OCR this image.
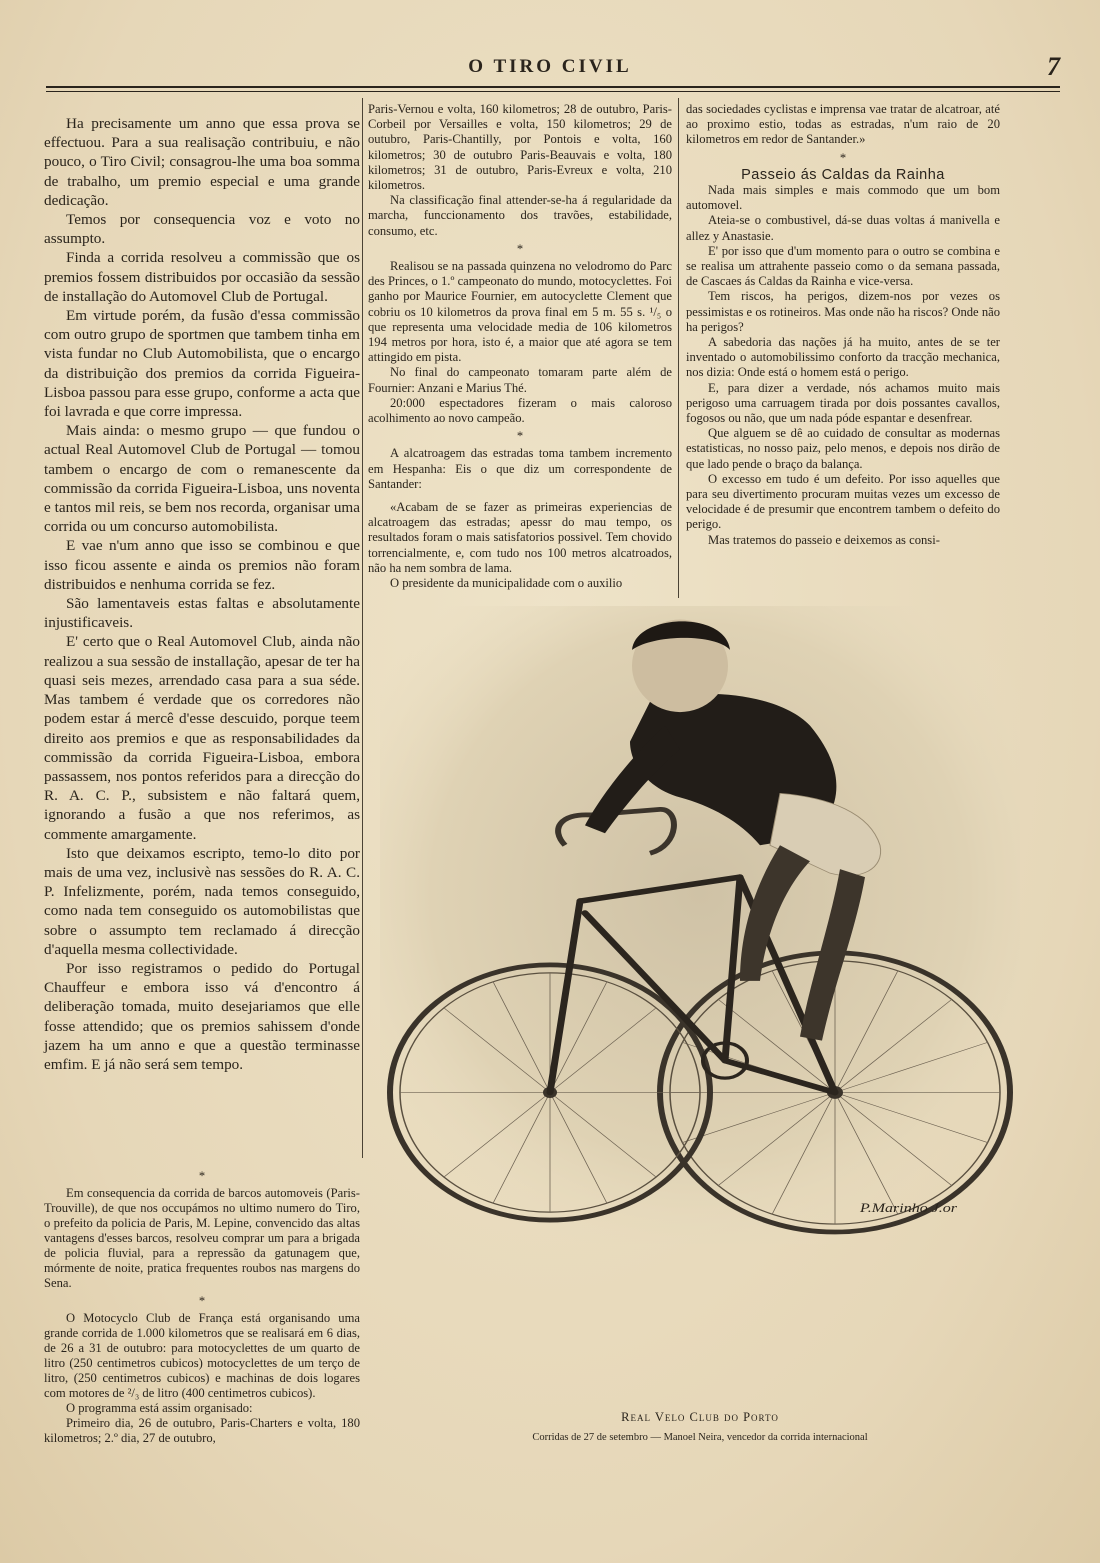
O TIRO CIVIL	7

Ha precisamente um anno que essa prova se effectuou. Para a sua realisação contribuiu, e não pouco, o Tiro Civil; consagrou-lhe uma boa somma de trabalho, um premio especial e uma grande dedicação.

Temos por consequencia voz e voto no assumpto.

Finda a corrida resolveu a commissão que os premios fossem distribuidos por occasião da sessão de installação do Automovel Club de Portugal.

Em virtude porém, da fusão d'essa commissão com outro grupo de sportmen que tambem tinha em vista fundar no Club Automobilista, que o encargo da distribuição dos premios da corrida Figueira-Lisboa passou para esse grupo, conforme a acta que foi lavrada e que corre impressa.

Mais ainda: o mesmo grupo — que fundou o actual Real Automovel Club de Portugal — tomou tambem o encargo de com o remanescente da commissão da corrida Figueira-Lisboa, uns noventa e tantos mil reis, se bem nos recorda, organisar uma corrida ou um concurso automobilista.

E vae n'um anno que isso se combinou e que isso ficou assente e ainda os premios não foram distribuidos e nenhuma corrida se fez.

São lamentaveis estas faltas e absolutamente injustificaveis.

E' certo que o Real Automovel Club, ainda não realizou a sua sessão de installação, apesar de ter ha quasi seis mezes, arrendado casa para a sua séde. Mas tambem é verdade que os corredores não podem estar á mercê d'esse descuido, porque teem direito aos premios e que as responsabilidades da commissão da corrida Figueira-Lisboa, embora passassem, nos pontos referidos para a direcção do R. A. C. P., subsistem e não faltará quem, ignorando a fusão a que nos referimos, as commente amargamente.

Isto que deixamos escripto, temo-lo dito por mais de uma vez, inclusivè nas sessões do R. A. C. P. Infelizmente, porém, nada temos conseguido, como nada tem conseguido os automobilistas que sobre o assumpto tem reclamado á direcção d'aquella mesma collectividade.

Por isso registramos o pedido do Portugal Chauffeur e embora isso vá d'encontro á deliberação tomada, muito desejariamos que elle fosse attendido; que os premios sahissem d'onde jazem ha um anno e que a questão terminasse emfim. E já não será sem tempo.

*

Em consequencia da corrida de barcos automoveis (Paris-Trouville), de que nos occupámos no ultimo numero do Tiro, o prefeito da policia de Paris, M. Lepine, convencido das altas vantagens d'esses barcos, resolveu comprar um para a brigada de policia fluvial, para a repressão da gatunagem que, mórmente de noite, pratica frequentes roubos nas margens do Sena.

*

O Motocyclo Club de França está organisando uma grande corrida de 1.000 kilometros que se realisará em 6 dias, de 26 a 31 de outubro: para motocyclettes de um quarto de litro (250 centimetros cubicos) motocyclettes de um terço de litro, (250 centimetros cubicos) e machinas de dois logares com motores de ²/₃ de litro (400 centimetros cubicos).

O programma está assim organisado:

Primeiro dia, 26 de outubro, Paris-Charters e volta, 180 kilometros; 2.º dia, 27 de outubro,

Paris-Vernou e volta, 160 kilometros; 28 de outubro, Paris-Corbeil por Versailles e volta, 150 kilometros; 29 de outubro, Paris-Chantilly, por Pontois e volta, 160 kilometros; 30 de outubro Paris-Beauvais e volta, 180 kilometros; 31 de outubro, Paris-Evreux e volta, 210 kilometros.

Na classificação final attender-se-ha á regularidade da marcha, funccionamento dos travões, estabilidade, consumo, etc.

*

Realisou se na passada quinzena no velodromo do Parc des Princes, o 1.º campeonato do mundo, motocyclettes. Foi ganho por Maurice Fournier, em autocyclette Clement que cobriu os 10 kilometros da prova final em 5 m. 55 s. ¹/₅ o que representa uma velocidade media de 106 kilometros 194 metros por hora, isto é, a maior que até agora se tem attingido em pista.

No final do campeonato tomaram parte além de Fournier: Anzani e Marius Thé.

20:000 espectadores fizeram o mais caloroso acolhimento ao novo campeão.

*

A alcatroagem das estradas toma tambem incremento em Hespanha: Eis o que diz um correspondente de Santander:

«Acabam de se fazer as primeiras experiencias de alcatroagem das estradas; apessr do mau tempo, os resultados foram o mais satisfatorios possivel. Tem chovido torrencialmente, e, com tudo nos 100 metros alcatroados, não ha nem sombra de lama.

O presidente da municipalidade com o auxilio

das sociedades cyclistas e imprensa vae tratar de alcatroar, até ao proximo estio, todas as estradas, n'um raio de 20 kilometros em redor de Santander.»

*

Passeio ás Caldas da Rainha

Nada mais simples e mais commodo que um bom automovel.

Ateia-se o combustivel, dá-se duas voltas á manivella e allez y Anastasie.

E' por isso que d'um momento para o outro se combina e se realisa um attrahente passeio como o da semana passada, de Cascaes ás Caldas da Rainha e vice-versa.

Tem riscos, ha perigos, dizem-nos por vezes os pessimistas e os rotineiros. Mas onde não ha riscos? Onde não ha perigos?

A sabedoria das nações já ha muito, antes de se ter inventado o automobilissimo conforto da tracção mechanica, nos dizia: Onde está o homem está o perigo.

E, para dizer a verdade, nós achamos muito mais perigoso uma carruagem tirada por dois possantes cavallos, fogosos ou não, que um nada póde espantar e desenfrear.

Que alguem se dê ao cuidado de consultar as modernas estatisticas, no nosso paiz, pelo menos, e depois nos dirão de que lado pende o braço da balança.

O excesso em tudo é um defeito. Por isso aquelles que para seu divertimento procuram muitas vezes um excesso de velocidade é de presumir que encontrem tambem o defeito do perigo.

Mas tratemos do passeio e deixemos as consi-

P.Marinho J.or
Real Velo Club do Porto
Corridas de 27 de setembro — Manoel Neira, vencedor da corrida internacional
